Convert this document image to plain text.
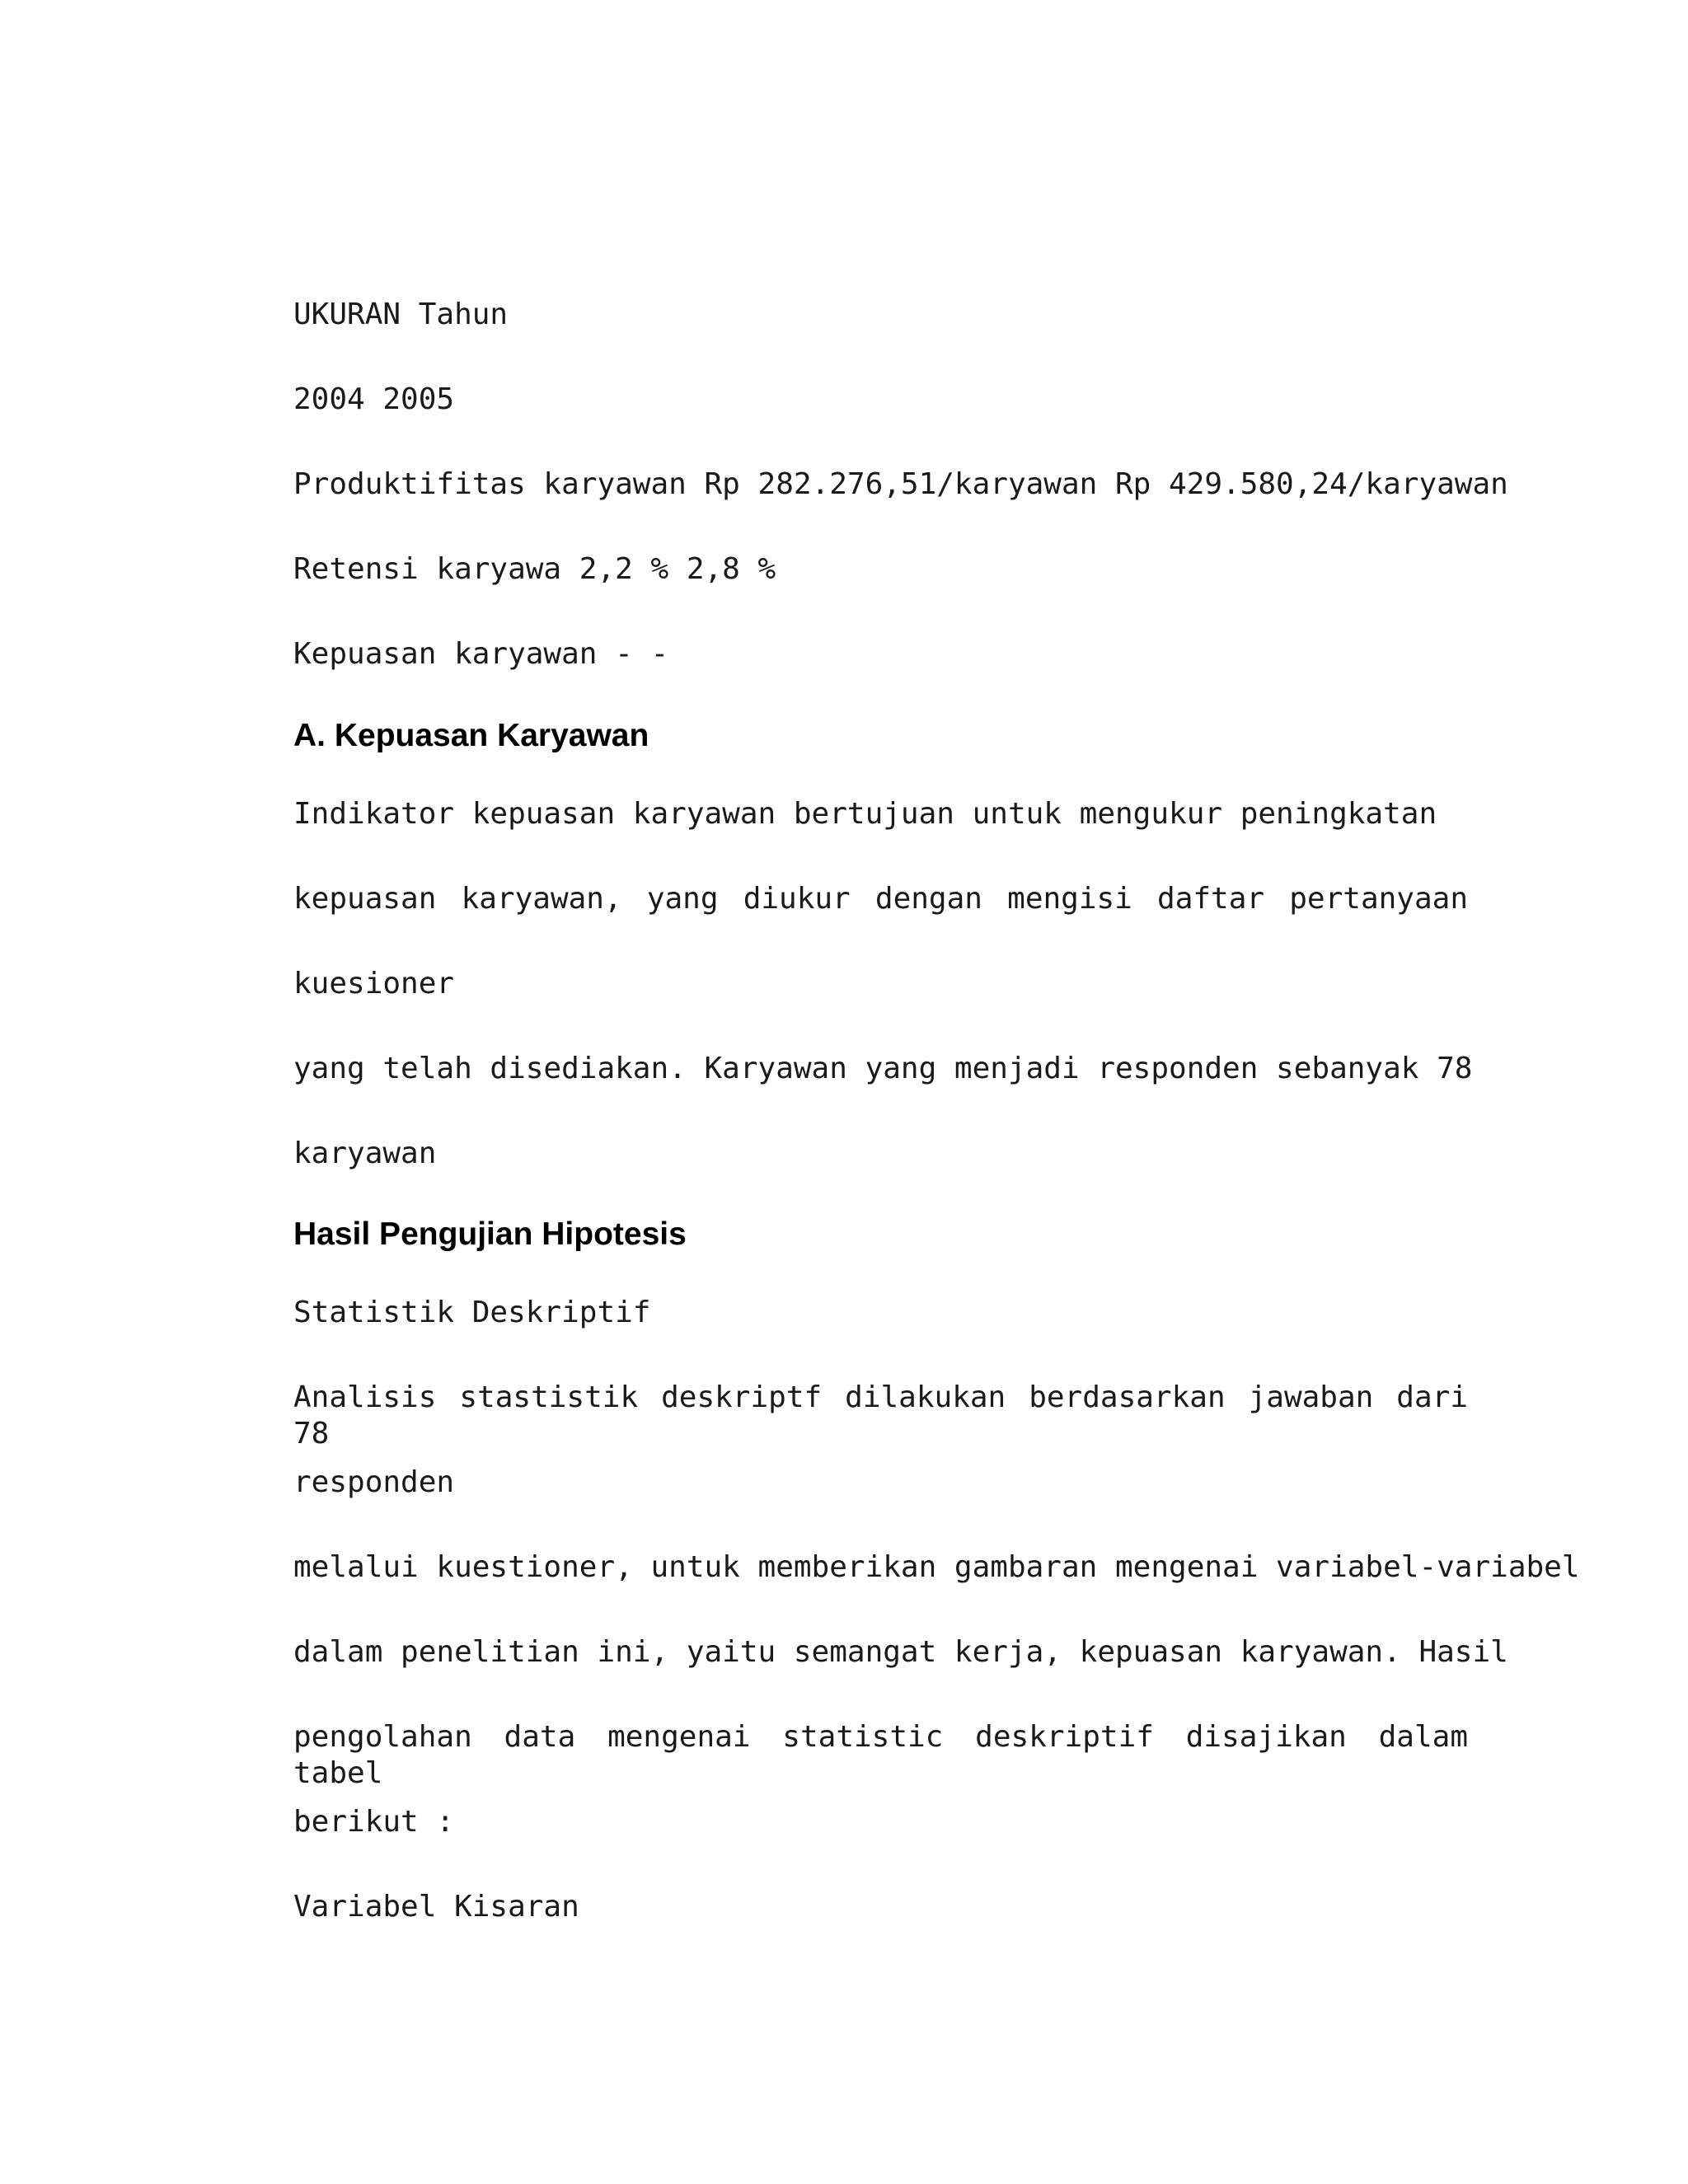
UKURAN Tahun

2004 2005

Produktifitas karyawan Rp 282.276,51/karyawan Rp 429.580,24/karyawan

Retensi karyawa 2,2 % 2,8 %

Kepuasan karyawan - -

A. Kepuasan Karyawan

Indikator kepuasan karyawan bertujuan untuk mengukur peningkatan

kepuasan karyawan, yang diukur dengan mengisi daftar pertanyaan

kuesioner

yang telah disediakan. Karyawan yang menjadi responden sebanyak 78

karyawan

Hasil Pengujian Hipotesis

Statistik Deskriptif

Analisis stastistik deskriptf dilakukan berdasarkan jawaban dari 78

responden

melalui kuestioner, untuk memberikan gambaran mengenai variabel-variabel

dalam penelitian ini, yaitu semangat kerja, kepuasan karyawan. Hasil

pengolahan data mengenai statistic deskriptif disajikan dalam tabel

berikut :

Variabel Kisaran
